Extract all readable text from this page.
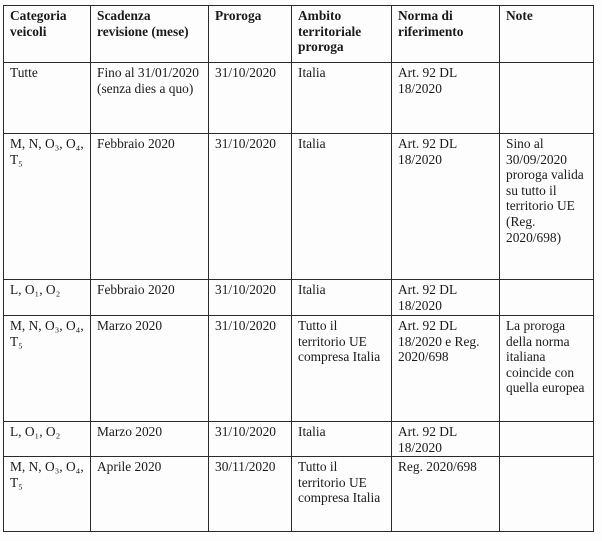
Categoria veicoli	Scadenza revisione (mese)	Proroga	Ambito territoriale proroga	Norma di riferimento	Note
Tutte	Fino al 31/01/2020 (senza dies a quo)	31/10/2020	Italia	Art. 92 DL 18/2020	
M, N, O₃, O₄, T₅	Febbraio 2020	31/10/2020	Italia	Art. 92 DL 18/2020	Sino al 30/09/2020 proroga valida su tutto il territorio UE (Reg. 2020/698)
L, O₁, O₂	Febbraio 2020	31/10/2020	Italia	Art. 92 DL 18/2020	
M, N, O₃, O₄, T₅	Marzo 2020	31/10/2020	Tutto il territorio UE compresa Italia	Art. 92 DL 18/2020 e Reg. 2020/698	La proroga della norma italiana coincide con quella europea
L, O₁, O₂	Marzo 2020	31/10/2020	Italia	Art. 92 DL 18/2020	
M, N, O₃, O₄, T₅	Aprile 2020	30/11/2020	Tutto il territorio UE compresa Italia	Reg. 2020/698	
